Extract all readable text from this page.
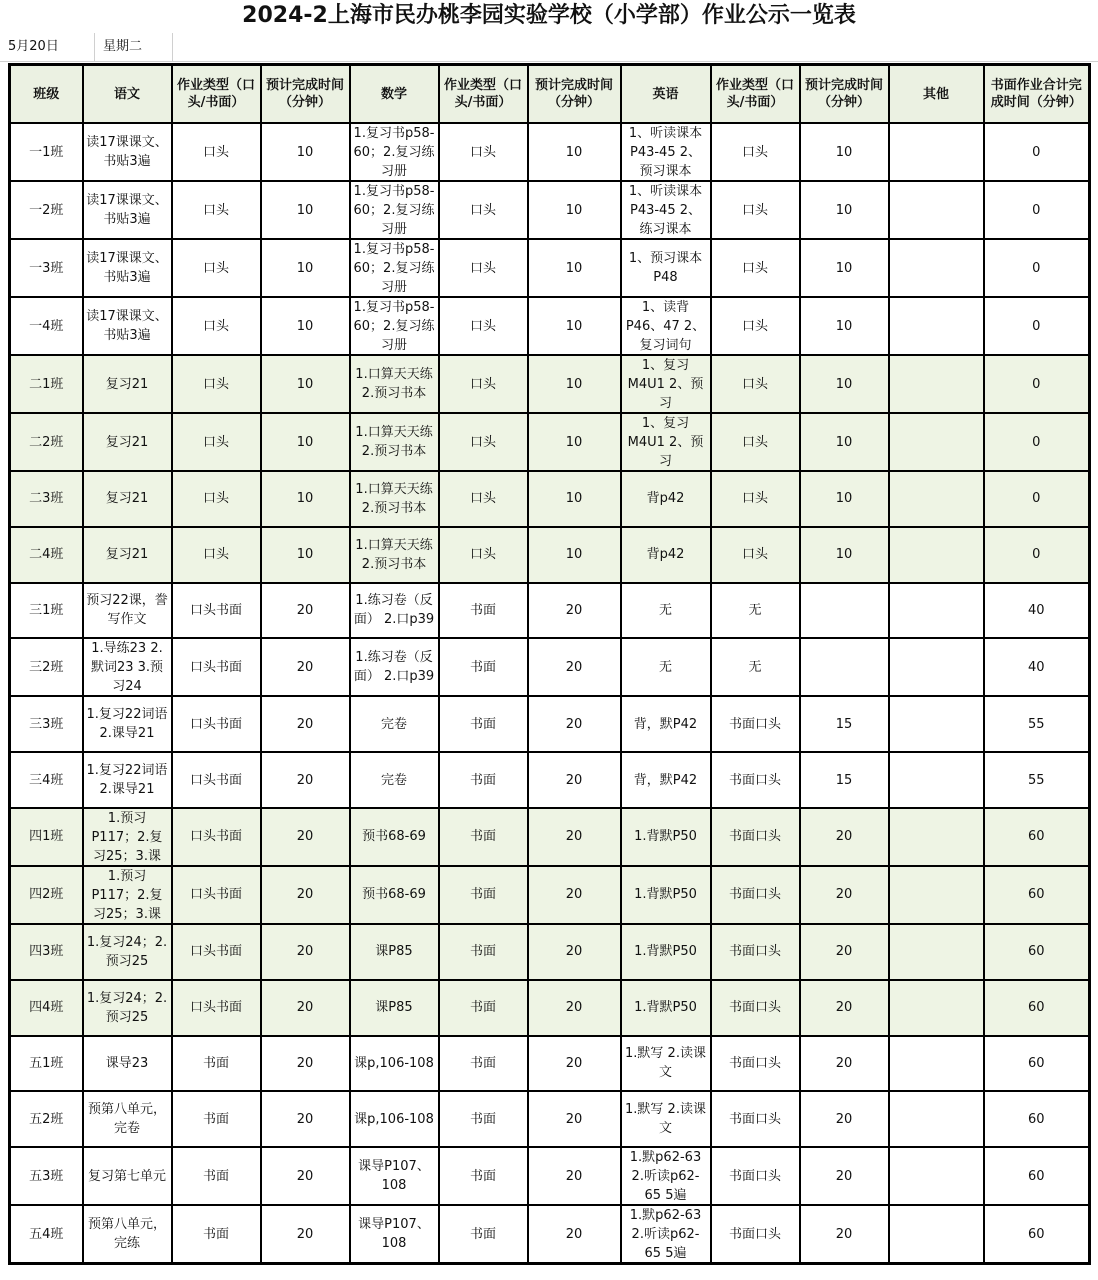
2024-2上海市民办桃李园实验学校（小学部）作业公示一览表
5月20日	星期二
班级	语文	作业类型（口头/书面）	预计完成时间（分钟）	数学	作业类型（口头/书面）	预计完成时间（分钟）	英语	作业类型（口头/书面）	预计完成时间（分钟）	其他	书面作业合计完成时间（分钟）

一1班	读17课课文、书贴3遍	口头	10	1.复习书p58-60；2.复习练习册	口头	10	1、听读课本P43-45 2、预习课本	口头	10		0

一2班	读17课课文、书贴3遍	口头	10	1.复习书p58-60；2.复习练习册	口头	10	1、听读课本P43-45 2、练习课本	口头	10		0

一3班	读17课课文、书贴3遍	口头	10	1.复习书p58-60；2.复习练习册	口头	10	1、预习课本P48	口头	10		0

一4班	读17课课文、书贴3遍	口头	10	1.复习书p58-60；2.复习练习册	口头	10	1、读背P46、47 2、复习词句	口头	10		0

二1班	复习21	口头	10	1.口算天天练 2.预习书本	口头	10	1、复习M4U1 2、预习	口头	10		0

二2班	复习21	口头	10	1.口算天天练 2.预习书本	口头	10	1、复习M4U1 2、预习	口头	10		0

二3班	复习21	口头	10	1.口算天天练 2.预习书本	口头	10	背p42	口头	10		0

二4班	复习21	口头	10	1.口算天天练 2.预习书本	口头	10	背p42	口头	10		0

三1班	预习22课，誊写作文	口头书面	20	1.练习卷（反面） 2.口p39	书面	20	无	无			40

三2班	1.导练23 2.默词23 3.预习24	口头书面	20	1.练习卷（反面） 2.口p39	书面	20	无	无			40

三3班	1.复习22词语 2.课导21	口头书面	20	完卷	书面	20	背，默P42	书面口头	15		55

三4班	1.复习22词语 2.课导21	口头书面	20	完卷	书面	20	背，默P42	书面口头	15		55

四1班	1.预习P117；2.复习25；3.课	口头书面	20	预书68-69	书面	20	1.背默P50	书面口头	20		60

四2班	1.预习P117；2.复习25；3.课	口头书面	20	预书68-69	书面	20	1.背默P50	书面口头	20		60

四3班	1.复习24；2. 预习25	口头书面	20	课P85	书面	20	1.背默P50	书面口头	20		60

四4班	1.复习24；2.预习25	口头书面	20	课P85	书面	20	1.背默P50	书面口头	20		60

五1班	课导23	书面	20	课p,106-108	书面	20	1.默写 2.读课文	书面口头	20		60

五2班	预第八单元，完卷	书面	20	课p,106-108	书面	20	1.默写 2.读课文	书面口头	20		60

五3班	复习第七单元	书面	20	课导P107、108	书面	20	1.默p62-63 2.听读p62-65 5遍	书面口头	20		60

五4班	预第八单元，完练	书面	20	课导P107、108	书面	20	1.默p62-63 2.听读p62-65 5遍	书面口头	20		60
